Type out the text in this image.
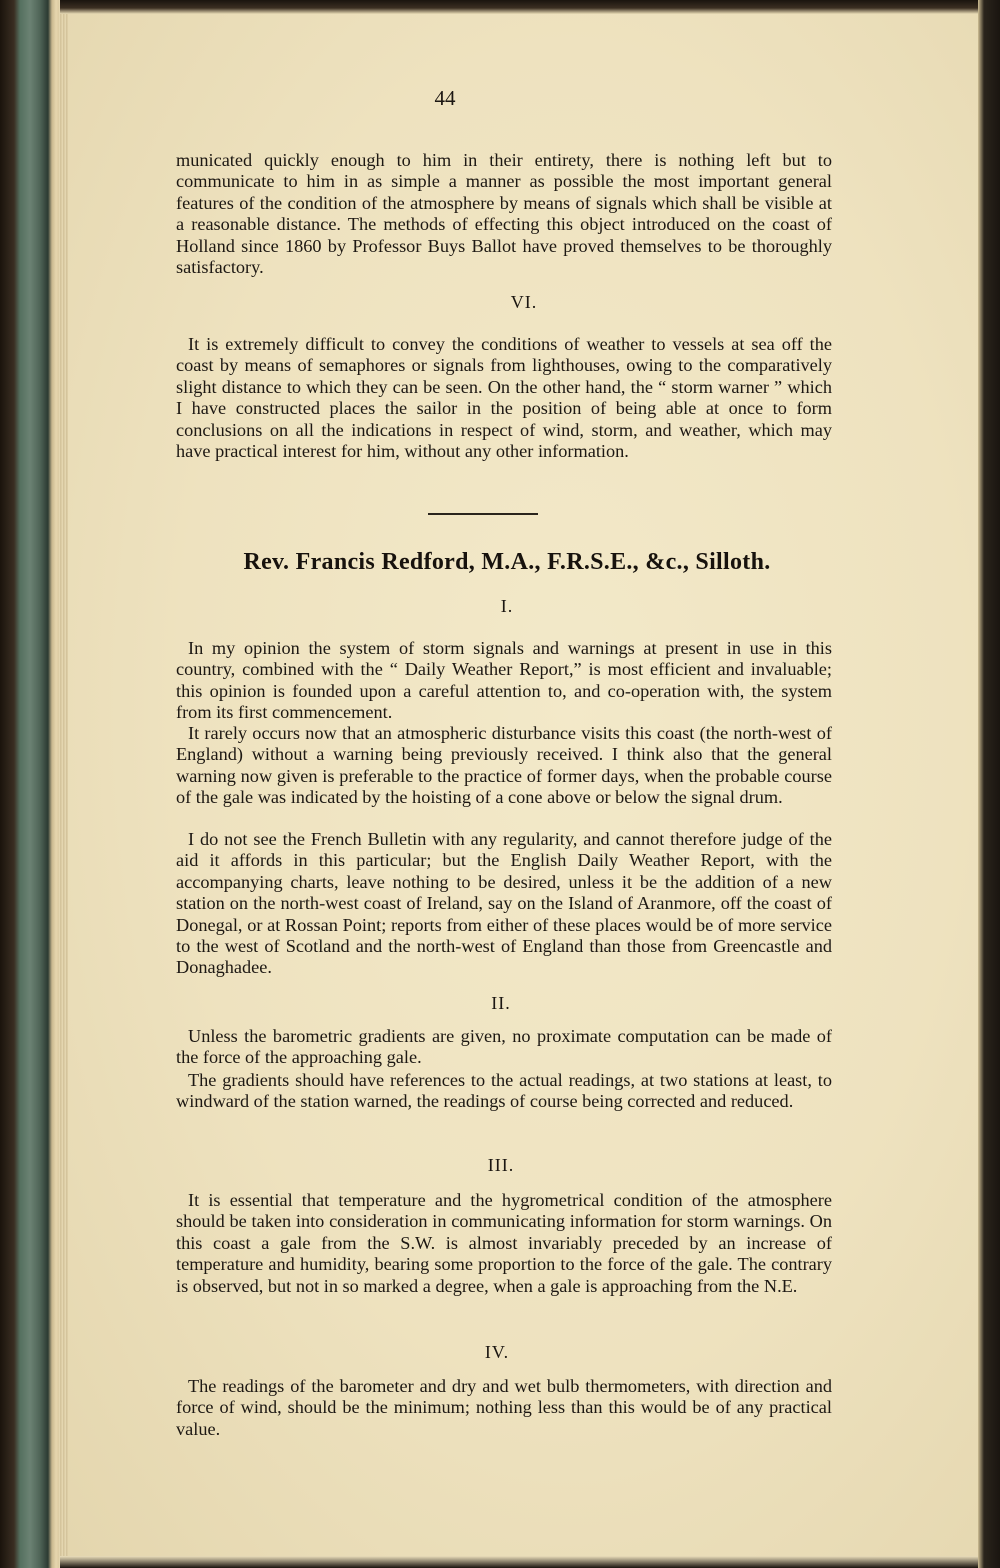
44

municated quickly enough to him in their entirety, there is nothing left but to communicate to him in as simple a manner as possible the most important general features of the condition of the atmosphere by means of signals which shall be visible at a reasonable distance. The methods of effecting this object introduced on the coast of Holland since 1860 by Professor Buys Ballot have proved themselves to be thoroughly satisfactory.

VI.

It is extremely difficult to convey the conditions of weather to vessels at sea off the coast by means of semaphores or signals from lighthouses, owing to the comparatively slight distance to which they can be seen. On the other hand, the “ storm warner ” which I have constructed places the sailor in the position of being able at once to form conclusions on all the indications in respect of wind, storm, and weather, which may have practical interest for him, without any other information.

Rev. Francis Redford, M.A., F.R.S.E., &c., Silloth.
I.

In my opinion the system of storm signals and warnings at present in use in this country, combined with the “ Daily Weather Report,” is most efficient and invaluable; this opinion is founded upon a careful attention to, and co-operation with, the system from its first commencement.

It rarely occurs now that an atmospheric disturbance visits this coast (the north-west of England) without a warning being previously received. I think also that the general warning now given is preferable to the practice of former days, when the probable course of the gale was indicated by the hoisting of a cone above or below the signal drum.

I do not see the French Bulletin with any regularity, and cannot therefore judge of the aid it affords in this particular; but the English Daily Weather Report, with the accompanying charts, leave nothing to be desired, unless it be the addition of a new station on the north-west coast of Ireland, say on the Island of Aranmore, off the coast of Donegal, or at Rossan Point; reports from either of these places would be of more service to the west of Scotland and the north-west of England than those from Greencastle and Donaghadee.

II.

Unless the barometric gradients are given, no proximate computation can be made of the force of the approaching gale.

The gradients should have references to the actual readings, at two stations at least, to windward of the station warned, the readings of course being corrected and reduced.

III.

It is essential that temperature and the hygrometrical condition of the atmosphere should be taken into consideration in communicating information for storm warnings. On this coast a gale from the S.W. is almost invariably preceded by an increase of temperature and humidity, bearing some proportion to the force of the gale. The contrary is observed, but not in so marked a degree, when a gale is approaching from the N.E.

IV.

The readings of the barometer and dry and wet bulb thermometers, with direction and force of wind, should be the minimum; nothing less than this would be of any practical value.
